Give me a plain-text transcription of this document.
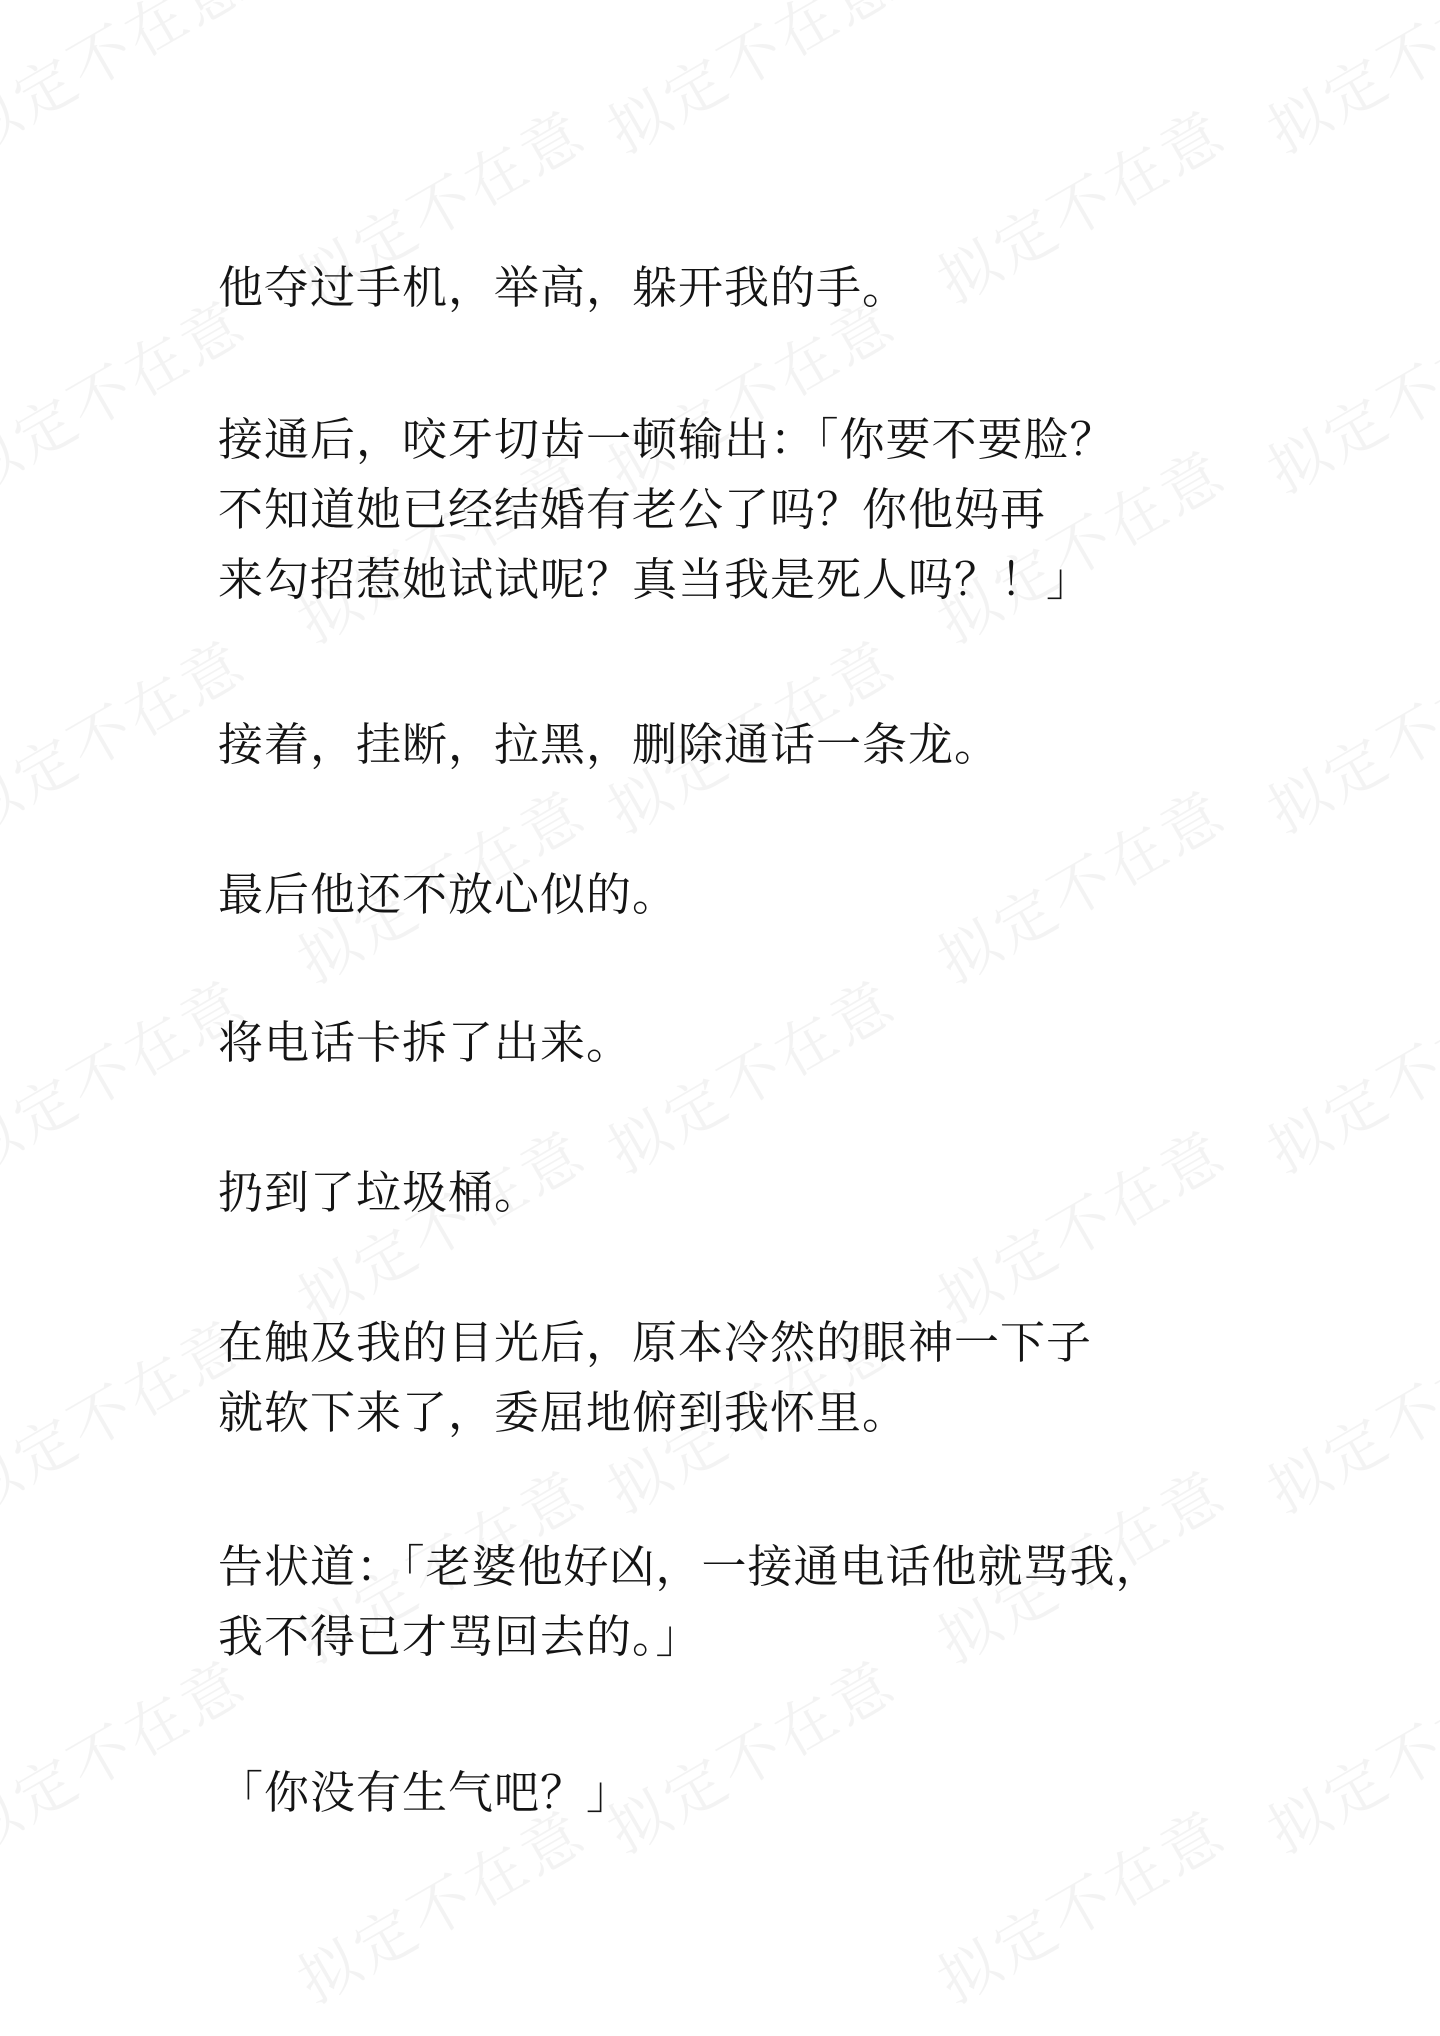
他夺过手机，举高，躲开我的手。

接通后，咬牙切齿一顿输出：「你要不要脸？
不知道她已经结婚有老公了吗？你他妈再
来勾招惹她试试呢？真当我是死人吗？！」

接着，挂断，拉黑，删除通话一条龙。

最后他还不放心似的。

将电话卡拆了出来。

扔到了垃圾桶。

在触及我的目光后，原本冷然的眼神一下子
就软下来了，委屈地俯到我怀里。

告状道：「老婆他好凶，一接通电话他就骂我，
我不得已才骂回去的。」

「你没有生气吧？」
